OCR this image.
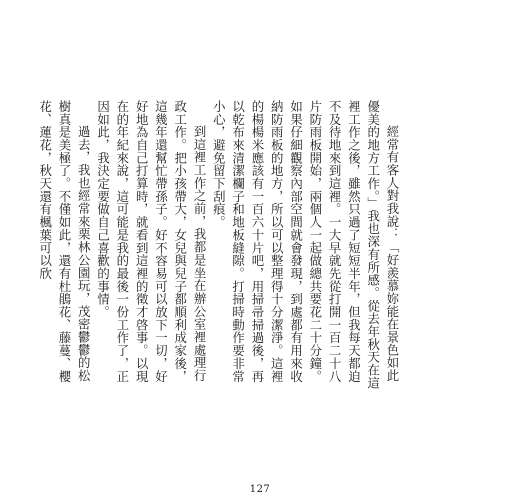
經常有客人對我說：「好羨慕妳能在景色如此優美的地方工作。」我也深有所感。從去年秋天在這裡工作之後，雖然只過了短短半年，但我每天都迫不及待地來到這裡。一大早就先從打開一百二十八片防雨板開始，兩個人一起做總共要花二十分鐘。如果仔細觀察內部空間就會發現，到處都有用來收納防雨板的地方，所以可以整理得十分潔淨。這裡的楊楊米應該有一百六十片吧，用掃帚掃過後，再以乾布來清潔欄子和地板縫隙。打掃時動作要非常小心，避免留下刮痕。

到這裡工作之前，我都是坐在辦公室裡處理行政工作。把小孩帶大，女兒與兒子都順利成家後，這幾年還幫忙帶孫子。好不容易可以放下一切，好好地為自己打算時，就看到這裡的徵才啓事。以現在的年紀來說，這可能是我的最後一份工作了，正因如此，我決定要做自己喜歡的事情。

過去，我也經常來栗林公園玩，茂密鬱鬱的松樹真是美極了。不僅如此，還有杜鵑花、藤蔓、櫻花、蓮花，秋天還有楓葉可以欣

127
